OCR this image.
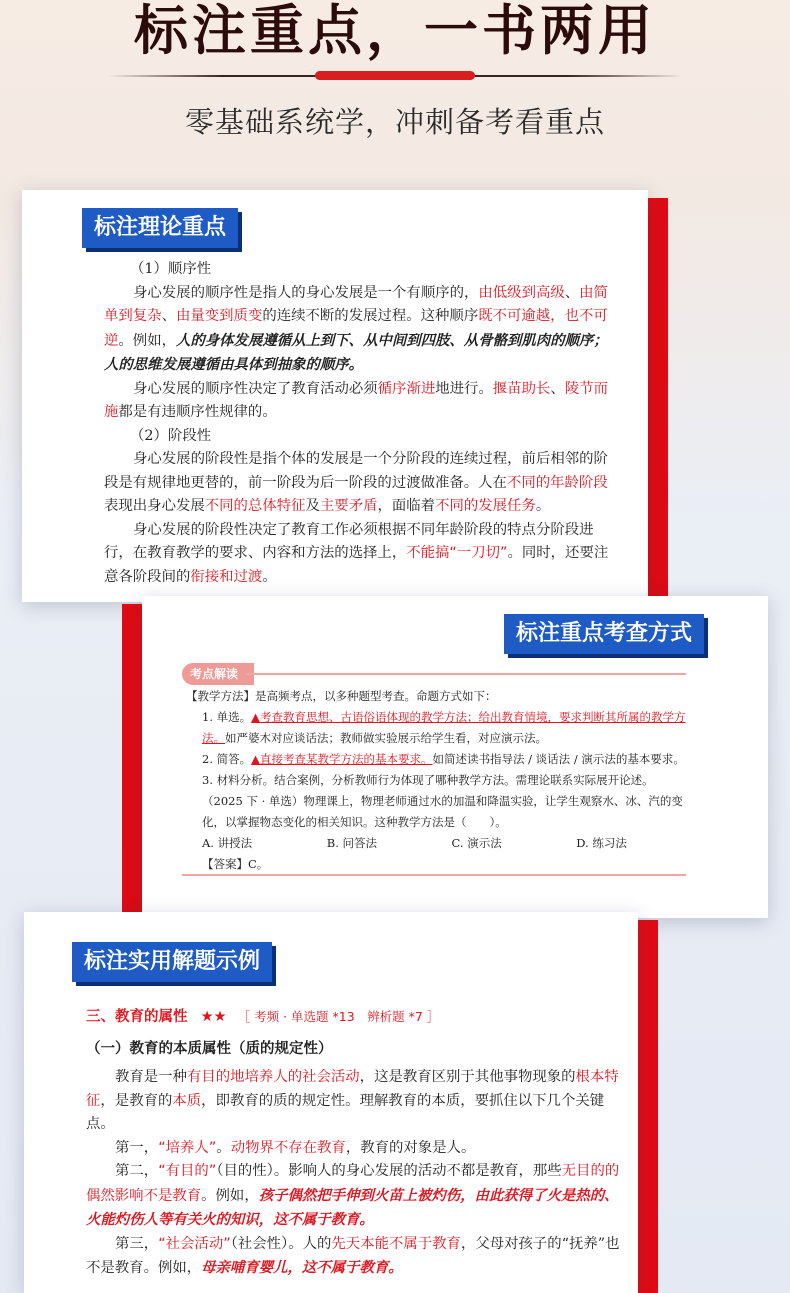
标注重点，一书两用
零基础系统学，冲刺备考看重点
标注理论重点
（1）顺序性
身心发展的顺序性是指人的身心发展是一个有顺序的，由低级到高级、由简单到复杂、由量变到质变的连续不断的发展过程。这种顺序既不可逾越，也不可逆。例如，人的身体发展遵循从上到下、从中间到四肢、从骨骼到肌肉的顺序；人的思维发展遵循由具体到抽象的顺序。
身心发展的顺序性决定了教育活动必须循序渐进地进行。揠苗助长、陵节而施都是有违顺序性规律的。
（2）阶段性
身心发展的阶段性是指个体的发展是一个分阶段的连续过程，前后相邻的阶段是有规律地更替的，前一阶段为后一阶段的过渡做准备。人在不同的年龄阶段表现出身心发展不同的总体特征及主要矛盾，面临着不同的发展任务。
身心发展的阶段性决定了教育工作必须根据不同年龄阶段的特点分阶段进行，在教育教学的要求、内容和方法的选择上，不能搞“一刀切”。同时，还要注意各阶段间的衔接和过渡。
标注重点考查方式
考点解读
【教学方法】是高频考点，以多种题型考查。命题方式如下：
1. 单选。▲考查教育思想、古语俗语体现的教学方法；给出教育情境，要求判断其所属的教学方法。如严婆木对应谈话法；教师做实验展示给学生看，对应演示法。
2. 简答。▲直接考查某教学方法的基本要求。如简述读书指导法 / 谈话法 / 演示法的基本要求。
3. 材料分析。结合案例，分析教师行为体现了哪种教学方法。需理论联系实际展开论述。
（2025 下 · 单选）物理课上，物理老师通过水的加温和降温实验，让学生观察水、冰、汽的变化，以掌握物态变化的相关知识。这种教学方法是（　　）。
A. 讲授法	B. 问答法	C. 演示法	D. 练习法
【答案】C。
标注实用解题示例
三、教育的属性 ★★ ［ 考频 · 单选题 *13　辨析题 *7 ］
（一）教育的本质属性（质的规定性）
教育是一种有目的地培养人的社会活动，这是教育区别于其他事物现象的根本特征，是教育的本质，即教育的质的规定性。理解教育的本质，要抓住以下几个关键点。
第一，“培养人”。动物界不存在教育，教育的对象是人。
第二，“有目的”（目的性）。影响人的身心发展的活动不都是教育，那些无目的的偶然影响不是教育。例如，孩子偶然把手伸到火苗上被灼伤，由此获得了火是热的、火能灼伤人等有关火的知识，这不属于教育。
第三，“社会活动”（社会性）。人的先天本能不属于教育，父母对孩子的“抚养”也不是教育。例如，母亲哺育婴儿，这不属于教育。
